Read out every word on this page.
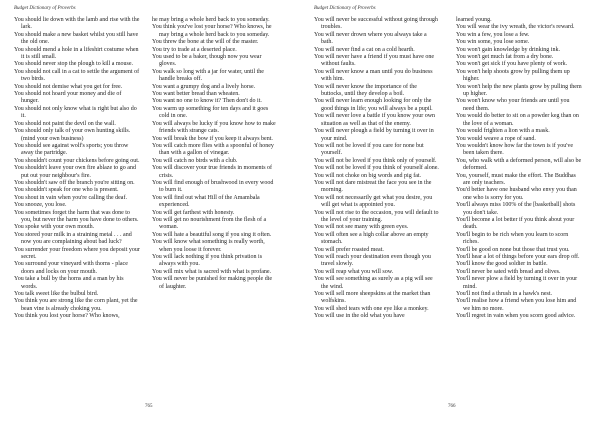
Budget Dictionary of Proverbs

You should lie down with the lamb and rise with the lark.

You should make a new basket whilst you still have the old one.

You should mend a hole in a lifeshirt costume when it is still small.

You should never stop the plough to kill a mouse.

You should not call in a cat to settle the argument of two birds.

You should not demise what you get for free.

You should not hoard your money and die of hunger.

You should not only know what is right but also do it.

You should not paint the devil on the wall.

You should only talk of your own hunting skills. (mind your own business)

You should see against wolf's sports; you throw away the partridge.

You shouldn't count your chickens before going out.

You shouldn't leave your own fire ablaze to go and put out your neighbour's fire.

You shouldn't saw off the branch you're sitting on.

You shouldn't speak for one who is present.

You shout in vain when you're calling the deaf.

You snooze, you lose.

You sometimes forget the harm that was done to you, but never the harm you have done to others.

You spoke with your own mouth.

You stored your milk in a straining metal . . . and now you are complaining about bad luck?

You surrender your freedom where you deposit your secret.

You surround your vineyard with thorns - place doors and locks on your mouth.

You take a bull by the horns and a man by his words.

You talk sweet like the bulbul bird.

You think you are strong like the corn plant, yet the bean vine is already choking you.

You think you lost your horse? Who knows,

he may bring a whole herd back to you someday.

You think you've lost your horse? Who knows, he may bring a whole herd back to you someday.

You threw the bone at the will of the master.

You try to trade at a deserted place.

You used to be a baker, though now you wear gloves.

You walk so long with a jar for water, until the handle breaks off.

You want a grumpy dog and a lively horse.

You want better bread than wheaten.

You want no one to know it? Then don't do it.

You warm up something for ten days and it goes cold in one.

You will always be lucky if you know how to make friends with strange cats.

You will break the bow if you keep it always bent.

You will catch more flies with a spoonful of honey than with a gallon of vinegar.

You will catch no birds with a club.

You will discover your true friends in moments of crisis.

You will find enough of brushwood in every wood to burn it.

You will find out what Hill of the Amambala experienced.

You will get farthest with honesty.

You will get no nourishment from the flesh of a woman.

You will hate a beautiful song if you sing it often.

You will know what something is really worth, when you loose it forever.

You will lack nothing if you think privation is always with you.

You will mix what is sacred with what is profane.

You will never be punished for making people die of laughter.

765
Budget Dictionary of Proverbs

You will never be successful without going through troubles.

You will never drown where you always take a bath.

You will never find a cat on a cold hearth.

You will never have a friend if you must have one without faults.

You will never know a man until you do business with him.

You will never know the importance of the buttocks, until they develop a boil.

You will never learn enough looking for only the good things in life; you will always be a pupil.

You will never love a battle if you know your own situation as well as that of the enemy.

You will never plough a field by turning it over in your mind.

You will not be loved if you care for none but yourself.

You will not be loved if you think only of yourself.

You will not be loved if you think of yourself alone.

You will not choke on big words and pig fat.

You will not dare mistreat the face you see in the morning.

You will not necessarily get what you desire, you will get what is appointed you.

You will not rise to the occasion, you will default to the level of your training.

You will not see many with green eyes.

You will often see a high collar above an empty stomach.

You will prefer roasted meat.

You will reach your destination even though you travel slowly.

You will reap what you will sow.

You will see something as surely as a pig will see the wind.

You will sell more sheepskins at the market than wolfskins.

You will shed tears with one eye like a monkey.

You will use in the old what you have

learned young.

You will wear the ivy wreath, the victor's reward.

You win a few, you lose a few.

You win some, you lose some.

You won't gain knowledge by drinking ink.

You won't get much fat from a dry bone.

You won't get sick if you have plenty of work.

You won't help shoots grow by pulling them up higher.

You won't help the new plants grow by pulling them up higher.

You won't know who your friends are until you need them.

You would do better to sit on a powder keg than on the love of a woman.

You would frighten a lion with a mask.

You would weave a rope of sand.

You wouldn't know how far the town is if you've been taken there.

You, who walk with a deformed person, will also be deformed.

You, yourself, must make the effort. The Buddhas are only teachers.

You'd better have one husband who envy you than one who is sorry for you.

You'll always miss 100% of the [basketball] shots you don't take.

You'll become a lot better if you think about your death.

You'll begin to be rich when you learn to scorn riches.

You'll be good on none but those that trust you.

You'll hear a lot of things before your ears drop off.

You'll know the good soldier in battle.

You'll never be sated with bread and olives.

You'll never plow a field by turning it over in your mind.

You'll not find a thrush in a hawk's nest.

You'll realise how a friend when you lose him and we him no more.

You'll regret in vain when you scorn good advice.

766
